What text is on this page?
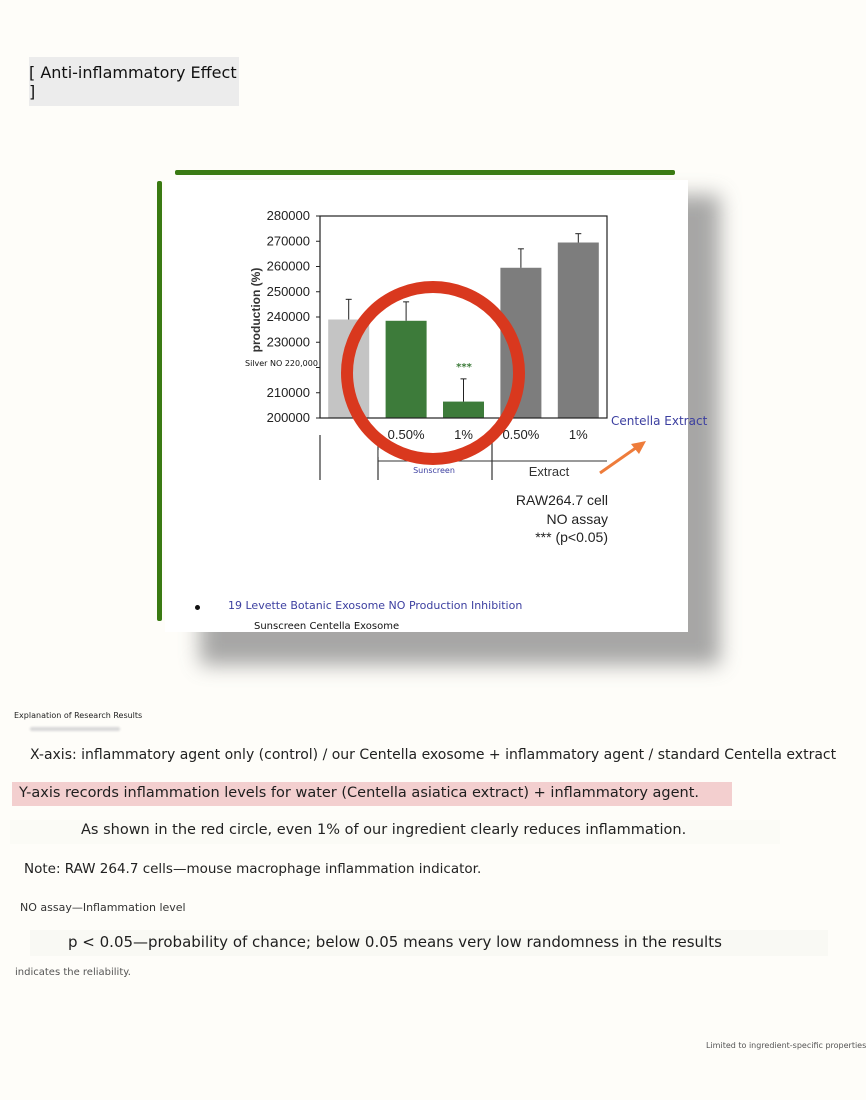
[ Anti-inflammatory Effect ]
200000
210000
230000
240000
250000
260000
270000
280000
0.50% 1% 0.50% 1%
production (%)
***
Levette Botanic Exoso
Sunscreen	Extract
RAW264.7 cell
NO assay
*** (p<0.05)
Silver NO 220,000
Centella Extract
19 Levette Botanic Exosome NO Production Inhibition
Sunscreen Centella Exosome
Explanation of Research Results
X-axis: inflammatory agent only (control) / our Centella exosome + inflammatory agent / standard Centella extract
Y-axis records inflammation levels for water (Centella asiatica extract) + inflammatory agent.
As shown in the red circle, even 1% of our ingredient clearly reduces inflammation.
Note: RAW 264.7 cells—mouse macrophage inflammation indicator.
NO assay—Inflammation level
p < 0.05—probability of chance; below 0.05 means very low randomness in the results
indicates the reliability.
Limited to ingredient-specific properties
